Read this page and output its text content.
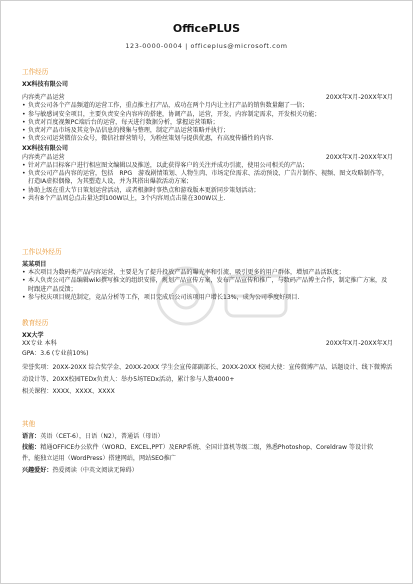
OfficePLUS
123-0000-0004 | officeplus@microsoft.com
工作经历
XX科技有限公司
内容类产品运营	20XX年X月-20XX年X月
• 负责公司各个产品频道的运营工作，重点推主打产品，成功在两个月内让主打产品的销售数量翻了一倍；
• 参与敏感词安全项目，主要负责安全内容库的搭建，协调产品，运营，开发，内容制定需求，开发相关功能；
• 负责对百度视频PC端后台的运营，每天进行数据分析，掌握运营策略；
• 负责对产品市场及其竞争品信息的搜集与整理，制定产品运营策略并执行；
• 负责公司运营微信公众号，微信社群营销号，为粉丝策划与提供优惠，有高度传播性的内容.
XX科技有限公司
内容类产品运营	20XX年X月-20XX年X月
• 针对产品目标客户进行相应图文编辑以及推送，以此获得客户的关注并成功引流，使用公司相关的产品；
• 负责公司产品内容的运营，包括　RPG　游戏剧情策划、人物生肉、市场定位需求、活动预设、广告片制作、视频、图文攻略制作等，打造IA虚拟偶像，为其塑造人设，并为其搭出爆款活动方案；
• 协助上级在重大节日策划运营活动，或者根据时事热点和游戏版本更新同步策划活动；
• 共有8个产品周总点击量达到100W以上，3个内容周点击量在300W以上.
工作以外经历
某某项目
• 本次项目为数码类产品内容运营，主要是为了提升投放产品的曝光率和引流，吸引更多的用户群体，增加产品活跃度；
• 本人负责公司产品编辑wiki撰写推文的组织安排，规划产品宣传方案，发布产品宣传和推广，与数码产品博主合作，制定推广方案，及时跟进产品反馈；
• 参与校庆项目规范制定，竞品分析等工作，项目完成后公司该项用户增长13%，成为公司季度好项目.
教育经历
XX大学
XX专业 本科	20XX年X月-20XX年X月
GPA：3.6 (专业前10%)
荣誉奖项：20XX-20XX 综合奖学金、20XX-20XX 学生会宣传部副部长、20XX-20XX 校园大使：宣传微博产品、话题设计、线下微博活
动设计等、20XX校园TEDx负责人：举办5场TEDx活动，累计参与人数4000+
相关课程：XXXX、XXXX、XXXX
其他
语言：英语（CET-6），日语（N2），普通话（母语）
技能：精通OFFICE办公软件（WORD、EXCEL,PPT）及ERP系统、全国计算机等级二级，熟悉Photoshop、Coreldraw 等设计软
件，能独立运用（WordPress）搭建网站，网站SEO推广
兴趣爱好：热爱阅读（中英文阅读无障碍）
